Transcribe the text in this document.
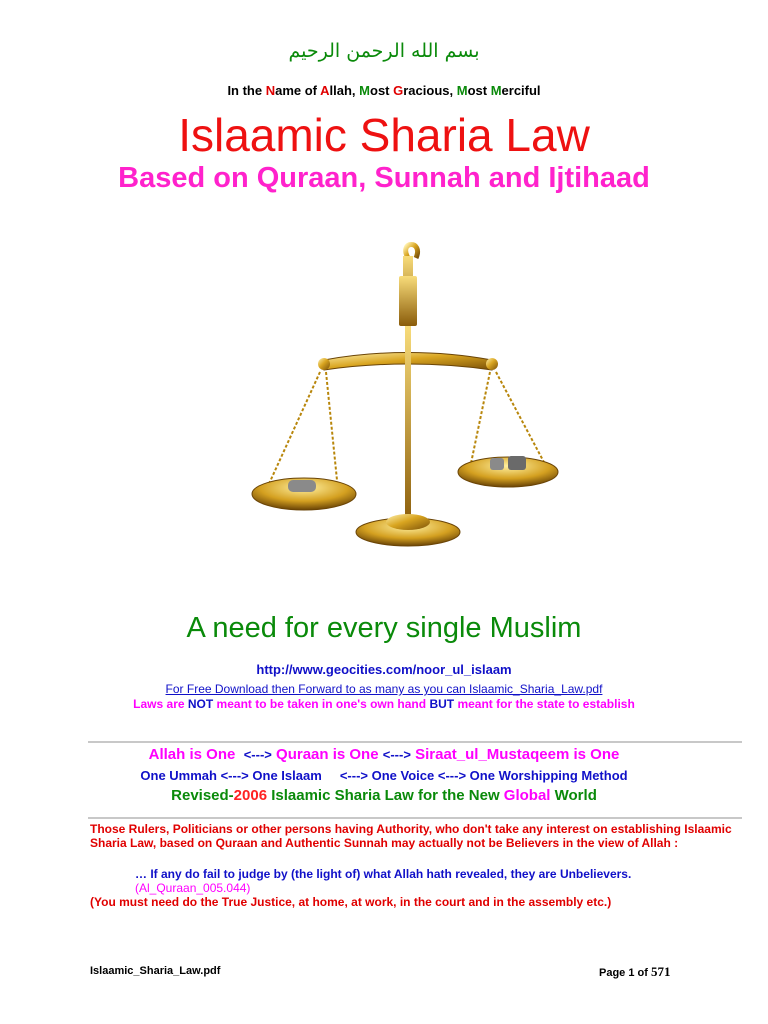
بسم الله الرحمن الرحيم
In the Name of Allah, Most Gracious, Most Merciful
Islaamic Sharia Law
Based on Quraan, Sunnah and Ijtihaad
A need for every single Muslim
http://www.geocities.com/noor_ul_islaam
For Free Download then Forward to as many as you can Islaamic_Sharia_Law.pdf
Laws are NOT meant to be taken in one's own hand BUT meant for the state to establish
Allah is One <---> Quraan is One <---> Siraat_ul_Mustaqeem is One
One Ummah <---> One Islaam <---> One Voice <---> One Worshipping Method
Revised-2006 Islaamic Sharia Law for the New Global World
Those Rulers, Politicians or other persons having Authority, who don't take any interest on establishing Islaamic Sharia Law, based on Quraan and Authentic Sunnah may actually not be Believers in the view of Allah :
… If any do fail to judge by (the light of) what Allah hath revealed, they are Unbelievers.
(Al_Quraan_005.044)
(You must need do the True Justice, at home, at work, in the court and in the assembly etc.)
Islaamic_Sharia_Law.pdf	Page 1 of 571
